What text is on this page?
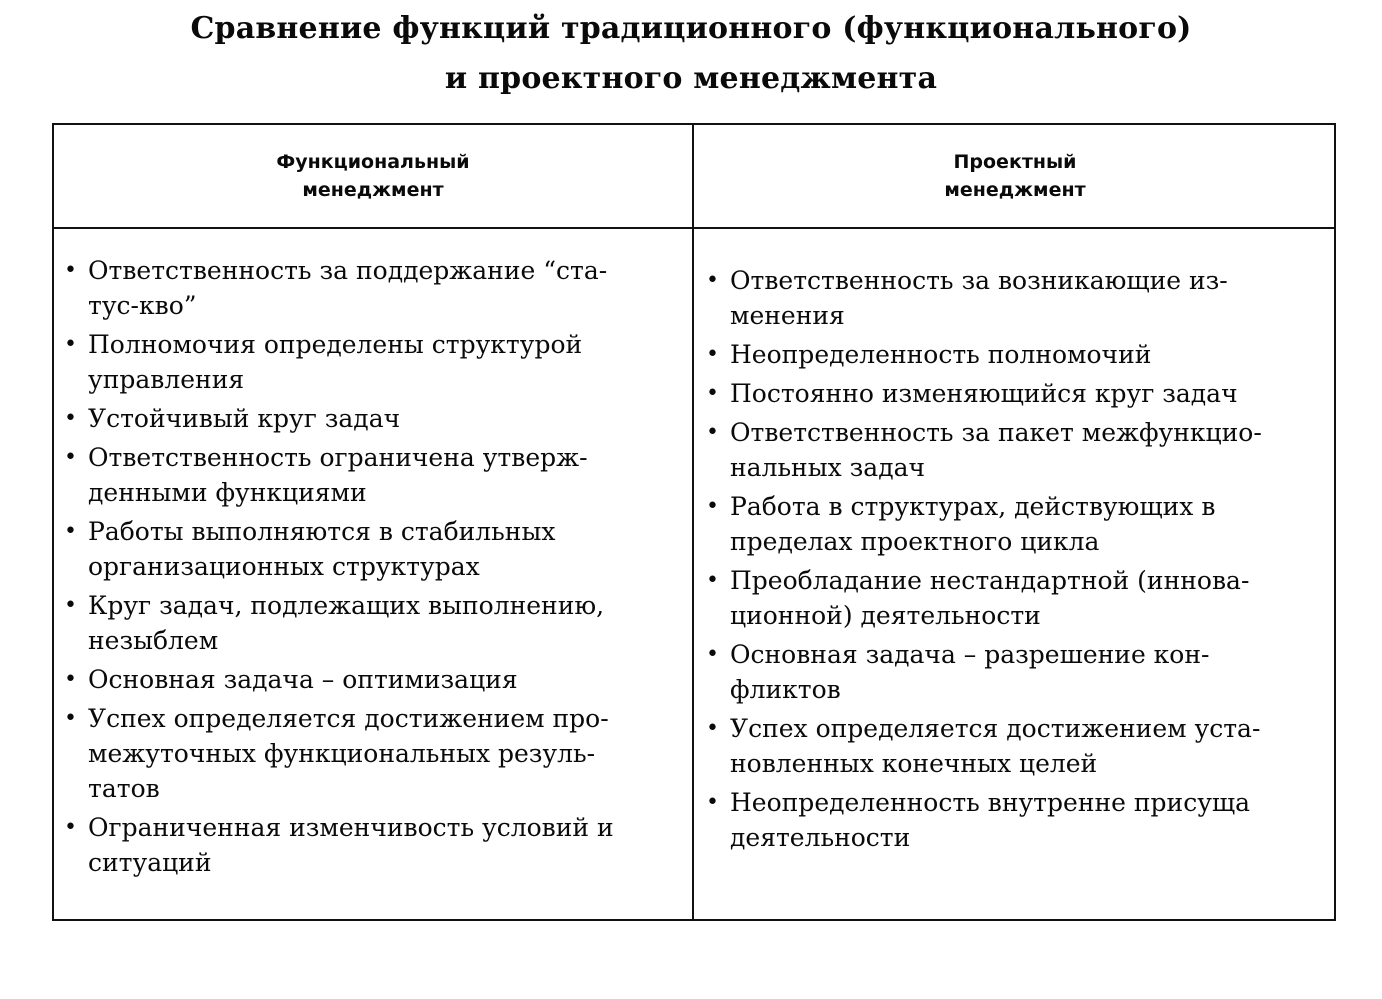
Сравнение функций традиционного (функционального)
и проектного менеджмента
Функциональный
менеджмент
Проектный
менеджмент
• Ответственность за поддержание “ста-тус-кво”
• Полномочия определены структурой управления
• Устойчивый круг задач
• Ответственность ограничена утверж-денными функциями
• Работы выполняются в стабильных организационных структурах
• Круг задач, подлежащих выполнению, незыблем
• Основная задача – оптимизация
• Успех определяется достижением про-межуточных функциональных резуль-татов
• Ограниченная изменчивость условий и ситуаций
• Ответственность за возникающие из-менения
• Неопределенность полномочий
• Постоянно изменяющийся круг задач
• Ответственность за пакет межфункцио-нальных задач
• Работа в структурах, действующих в пределах проектного цикла
• Преобладание нестандартной (иннова-ционной) деятельности
• Основная задача – разрешение кон-фликтов
• Успех определяется достижением уста-новленных конечных целей
• Неопределенность внутренне присуща деятельности
